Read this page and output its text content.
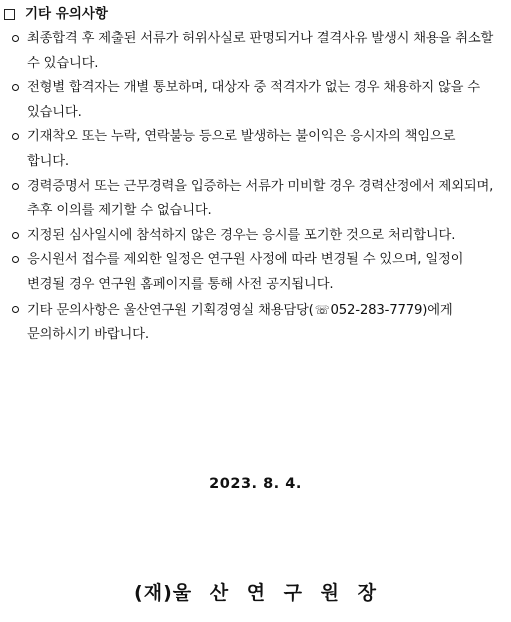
기타 유의사항
최종합격 후 제출된 서류가 허위사실로 판명되거나 결격사유 발생시 채용을 취소할 수 있습니다.
전형별 합격자는 개별 통보하며, 대상자 중 적격자가 없는 경우 채용하지 않을 수 있습니다.
기재착오 또는 누락, 연락불능 등으로 발생하는 불이익은 응시자의 책임으로 합니다.
경력증명서 또는 근무경력을 입증하는 서류가 미비할 경우 경력산정에서 제외되며, 추후 이의를 제기할 수 없습니다.
지정된 심사일시에 참석하지 않은 경우는 응시를 포기한 것으로 처리합니다.
응시원서 접수를 제외한 일정은 연구원 사정에 따라 변경될 수 있으며, 일정이 변경될 경우 연구원 홈페이지를 통해 사전 공지됩니다.
기타 문의사항은 울산연구원 기획경영실 채용담당(☏052-283-7779)에게 문의하시기 바랍니다.
2023. 8. 4.
(재)울 산 연 구 원 장
